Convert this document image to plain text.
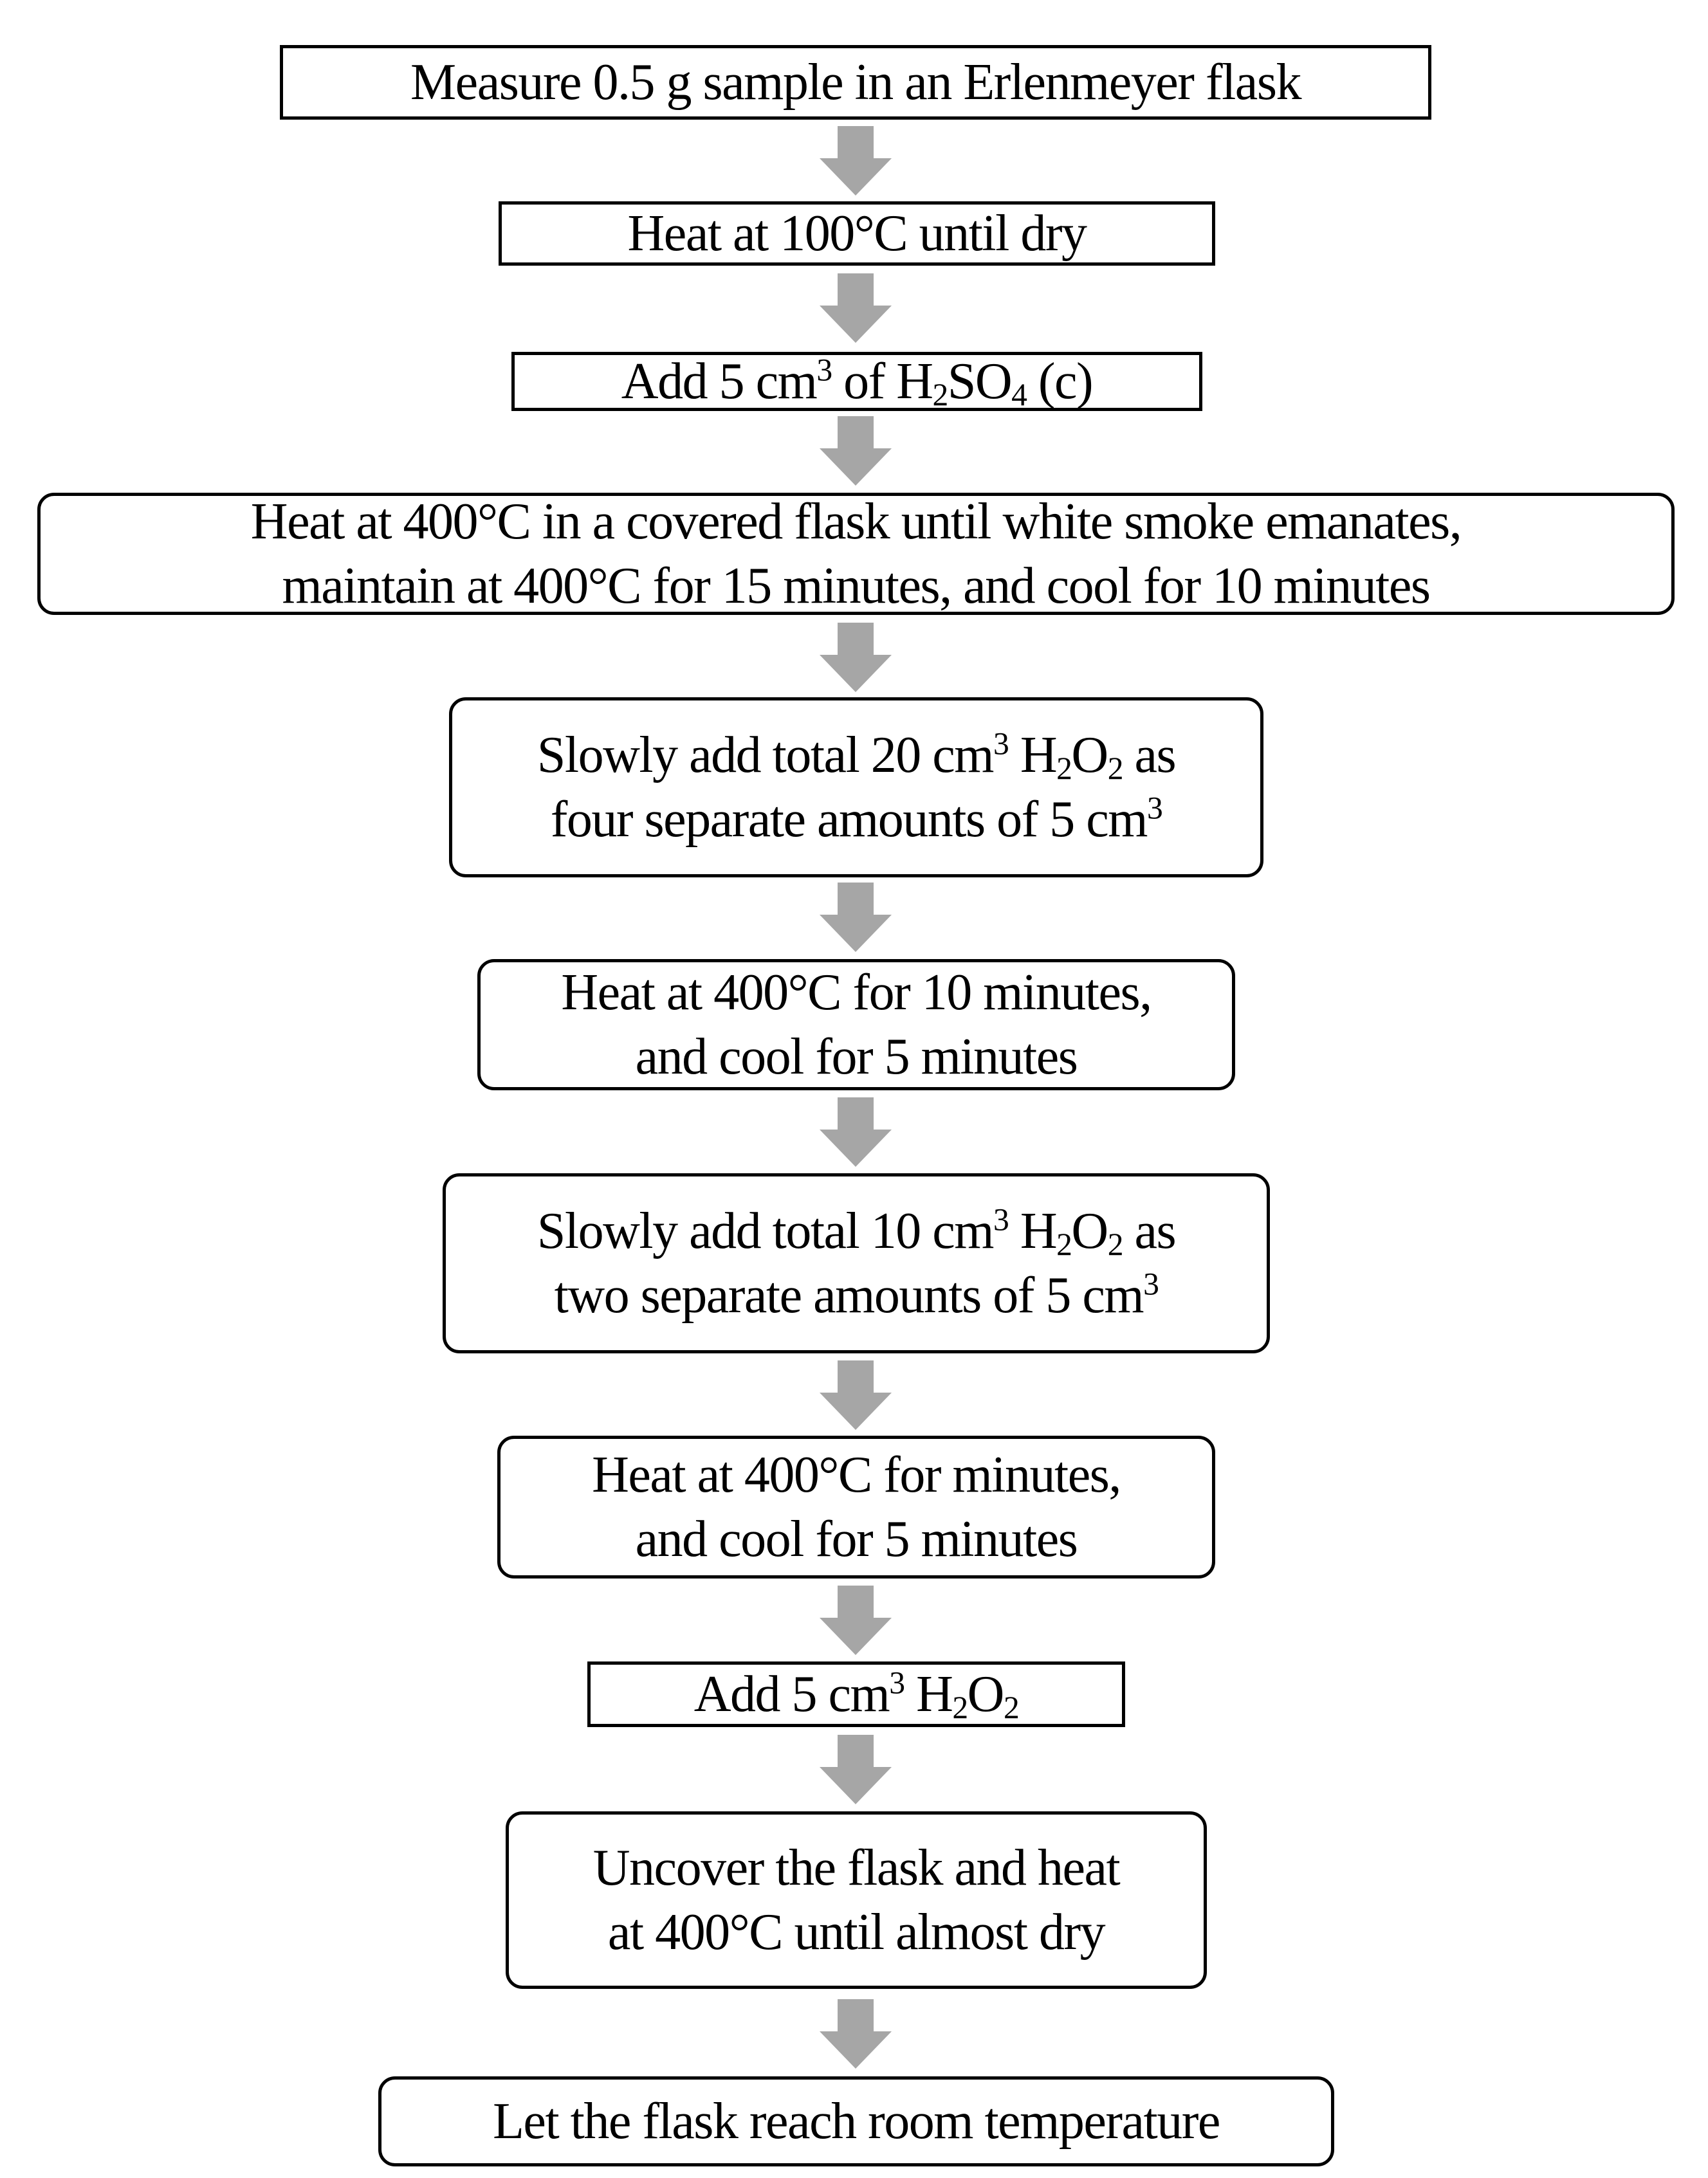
Measure 0.5 g sample in an Erlenmeyer flask
Heat at 100°C until dry
Add 5 $cm^3$ of $H_2SO_4$ (c)
Heat at 400°C in a covered flask until white smoke emanates,
maintain at 400°C for 15 minutes, and cool for 10 minutes
Slowly add total 20 $cm^3$ $H_2O_2$ as
four separate amounts of 5 $cm^3$
Heat at 400°C for 10 minutes,
and cool for 5 minutes
Slowly add total 10 $cm^3$ $H_2O_2$ as
two separate amounts of 5 $cm^3$
Heat at 400°C for minutes,
and cool for 5 minutes
Add 5 $cm^3$ $H_2O_2$
Uncover the flask and heat
at 400°C until almost dry
Let the flask reach room temperature
